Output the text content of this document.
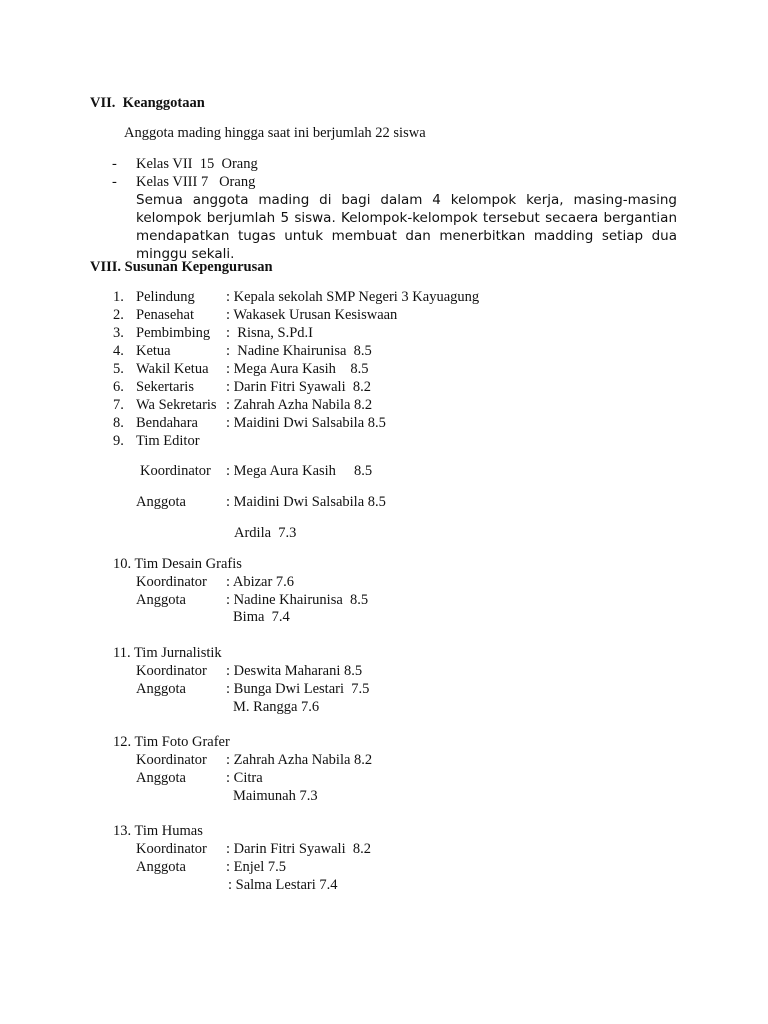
VII.  Keanggotaan
Anggota mading hingga saat ini berjumlah 22 siswa
- Kelas VII  15  Orang
- Kelas VIII 7   Orang
Semua anggota mading di bagi dalam 4 kelompok kerja, masing-masing kelompok berjumlah 5 siswa. Kelompok-kelompok tersebut secaera bergantian mendapatkan tugas untuk membuat dan menerbitkan madding setiap dua minggu sekali.
VIII. Susunan Kepengurusan
1. Pelindung : Kepala sekolah SMP Negeri 3 Kayuagung
2. Penasehat : Wakasek Urusan Kesiswaan
3. Pembimbing :  Risna, S.Pd.I
4. Ketua	:  Nadine Khairunisa  8.5
5. Wakil Ketua : Mega Aura Kasih    8.5
6. Sekertaris : Darin Fitri Syawali  8.2
7. Wa Sekretaris : Zahrah Azha Nabila 8.2
8. Bendahara : Maidini Dwi Salsabila 8.5
9. Tim Editor
Koordinator : Mega Aura Kasih     8.5
Anggota	: Maidini Dwi Salsabila 8.5
Ardila  7.3
10. Tim Desain Grafis
Koordinator : Abizar 7.6
Anggota	: Nadine Khairunisa  8.5
Bima  7.4
11. Tim Jurnalistik
Koordinator : Deswita Maharani 8.5
Anggota	: Bunga Dwi Lestari  7.5
M. Rangga 7.6
12. Tim Foto Grafer
Koordinator : Zahrah Azha Nabila 8.2
Anggota	: Citra
Maimunah 7.3
13. Tim Humas
Koordinator : Darin Fitri Syawali  8.2
Anggota	: Enjel 7.5
: Salma Lestari 7.4
